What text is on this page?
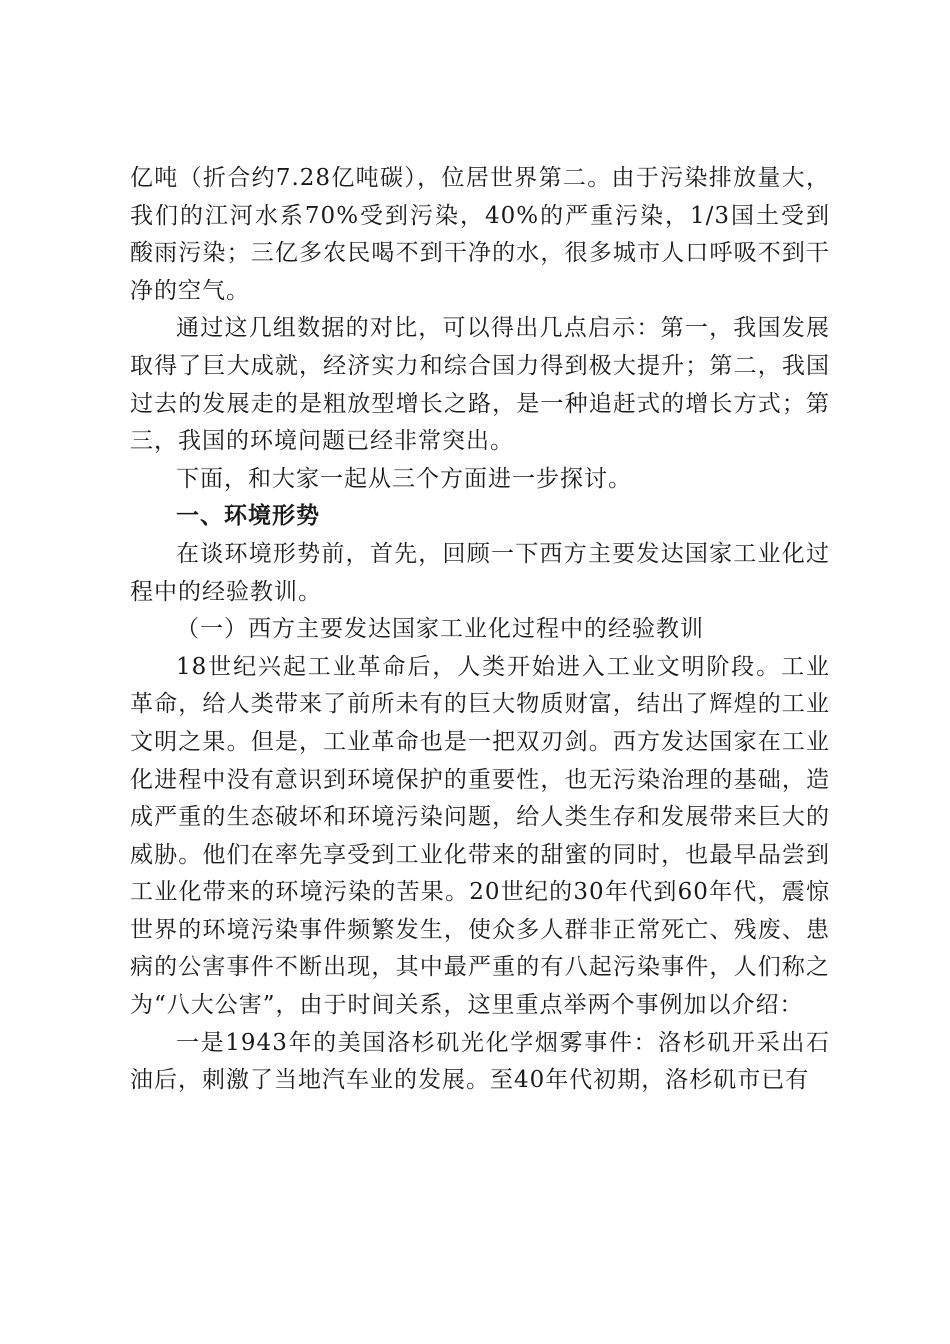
亿吨（折合约7.28亿吨碳），位居世界第二。由于污染排放量大，我们的江河水系70%受到污染，40%的严重污染，1/3国土受到酸雨污染；三亿多农民喝不到干净的水，很多城市人口呼吸不到干净的空气。

通过这几组数据的对比，可以得出几点启示：第一，我国发展取得了巨大成就，经济实力和综合国力得到极大提升；第二，我国过去的发展走的是粗放型增长之路，是一种追赶式的增长方式；第三，我国的环境问题已经非常突出。

下面，和大家一起从三个方面进一步探讨。

一、环境形势

在谈环境形势前，首先，回顾一下西方主要发达国家工业化过程中的经验教训。

（一）西方主要发达国家工业化过程中的经验教训

18世纪兴起工业革命后，人类开始进入工业文明阶段。工业革命，给人类带来了前所未有的巨大物质财富，结出了辉煌的工业文明之果。但是，工业革命也是一把双刃剑。西方发达国家在工业化进程中没有意识到环境保护的重要性，也无污染治理的基础，造成严重的生态破坏和环境污染问题，给人类生存和发展带来巨大的威胁。他们在率先享受到工业化带来的甜蜜的同时，也最早品尝到工业化带来的环境污染的苦果。20世纪的30年代到60年代，震惊世界的环境污染事件频繁发生，使众多人群非正常死亡、残废、患病的公害事件不断出现，其中最严重的有八起污染事件，人们称之为“八大公害”，由于时间关系，这里重点举两个事例加以介绍：

一是1943年的美国洛杉矶光化学烟雾事件：洛杉矶开采出石油后，刺激了当地汽车业的发展。至40年代初期，洛杉矶市已有
